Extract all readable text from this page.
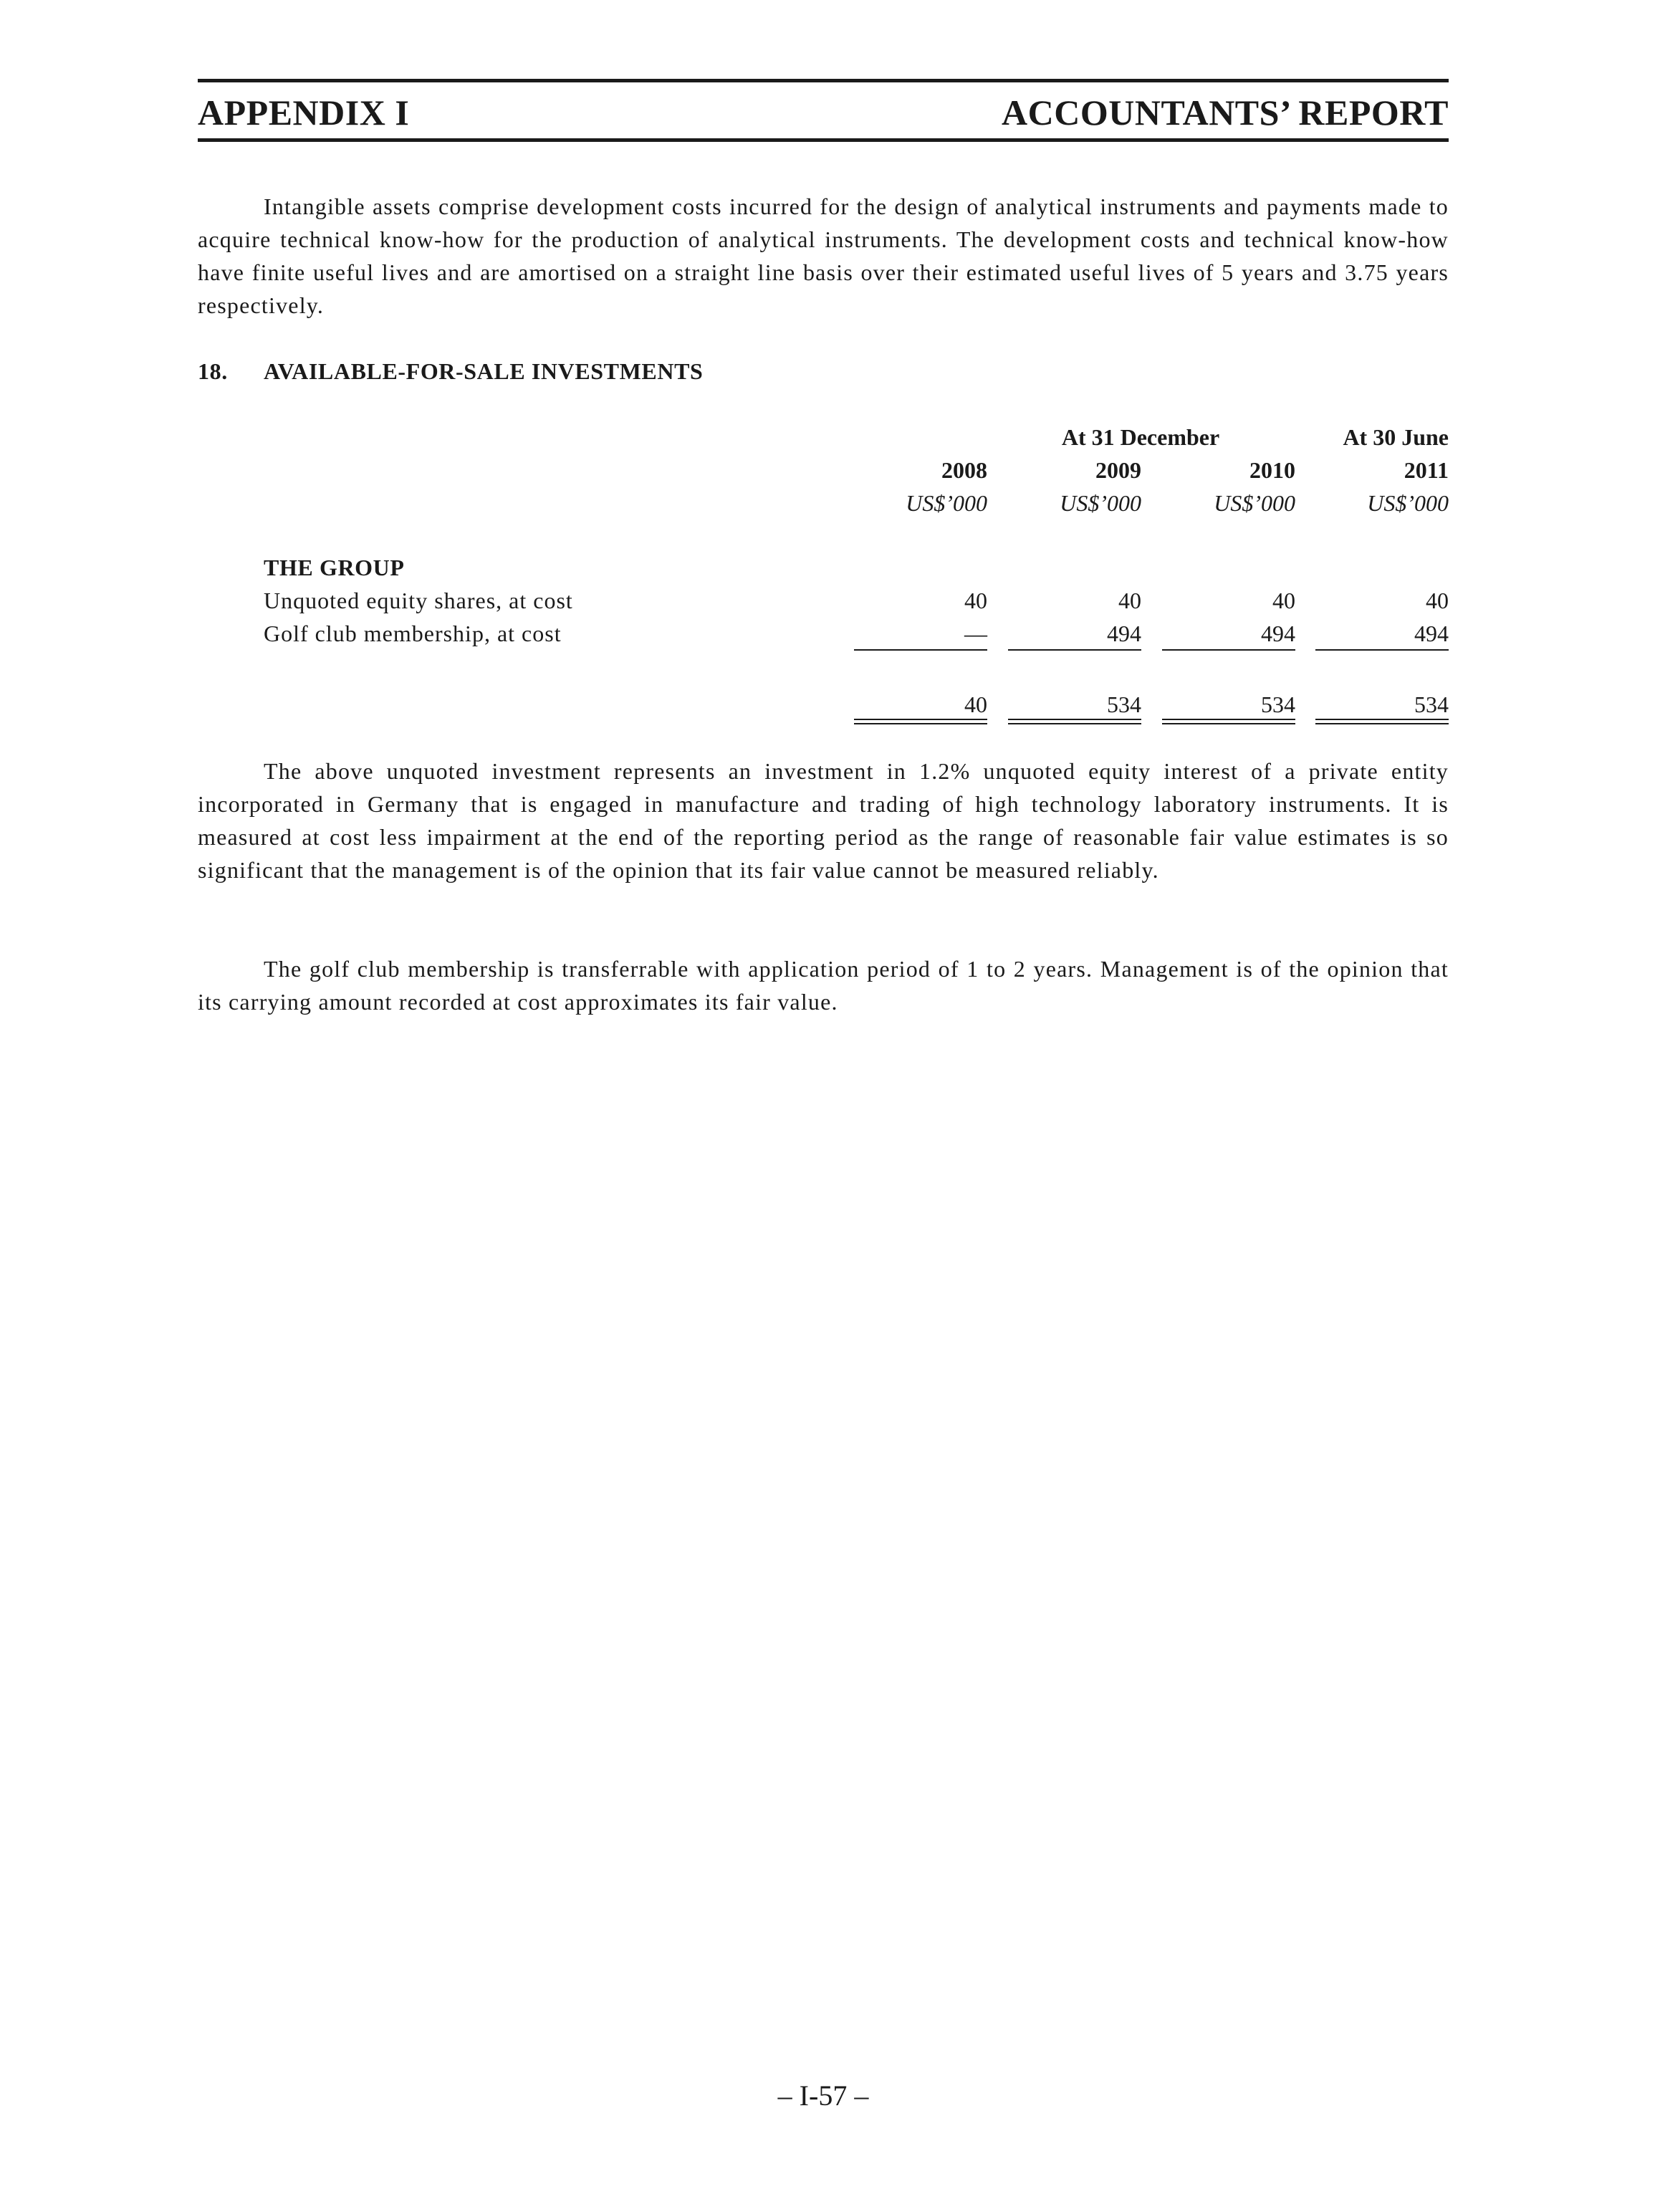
APPENDIX I	ACCOUNTANTS’ REPORT

Intangible assets comprise development costs incurred for the design of analytical instruments and payments made to acquire technical know-how for the production of analytical instruments. The development costs and technical know-how have finite useful lives and are amortised on a straight line basis over their estimated useful lives of 5 years and 3.75 years respectively.

18.	AVAILABLE-FOR-SALE INVESTMENTS
At 31 December	At 30 June
2008	2009	2010	2011
US$’000	US$’000	US$’000	US$’000
THE GROUP
Unquoted equity shares, at cost	40	40	40	40
Golf club membership, at cost	—	494	494	494
40	534	534	534

The above unquoted investment represents an investment in 1.2% unquoted equity interest of a private entity incorporated in Germany that is engaged in manufacture and trading of high technology laboratory instruments. It is measured at cost less impairment at the end of the reporting period as the range of reasonable fair value estimates is so significant that the management is of the opinion that its fair value cannot be measured reliably.

The golf club membership is transferrable with application period of 1 to 2 years. Management is of the opinion that its carrying amount recorded at cost approximates its fair value.

– I-57 –
